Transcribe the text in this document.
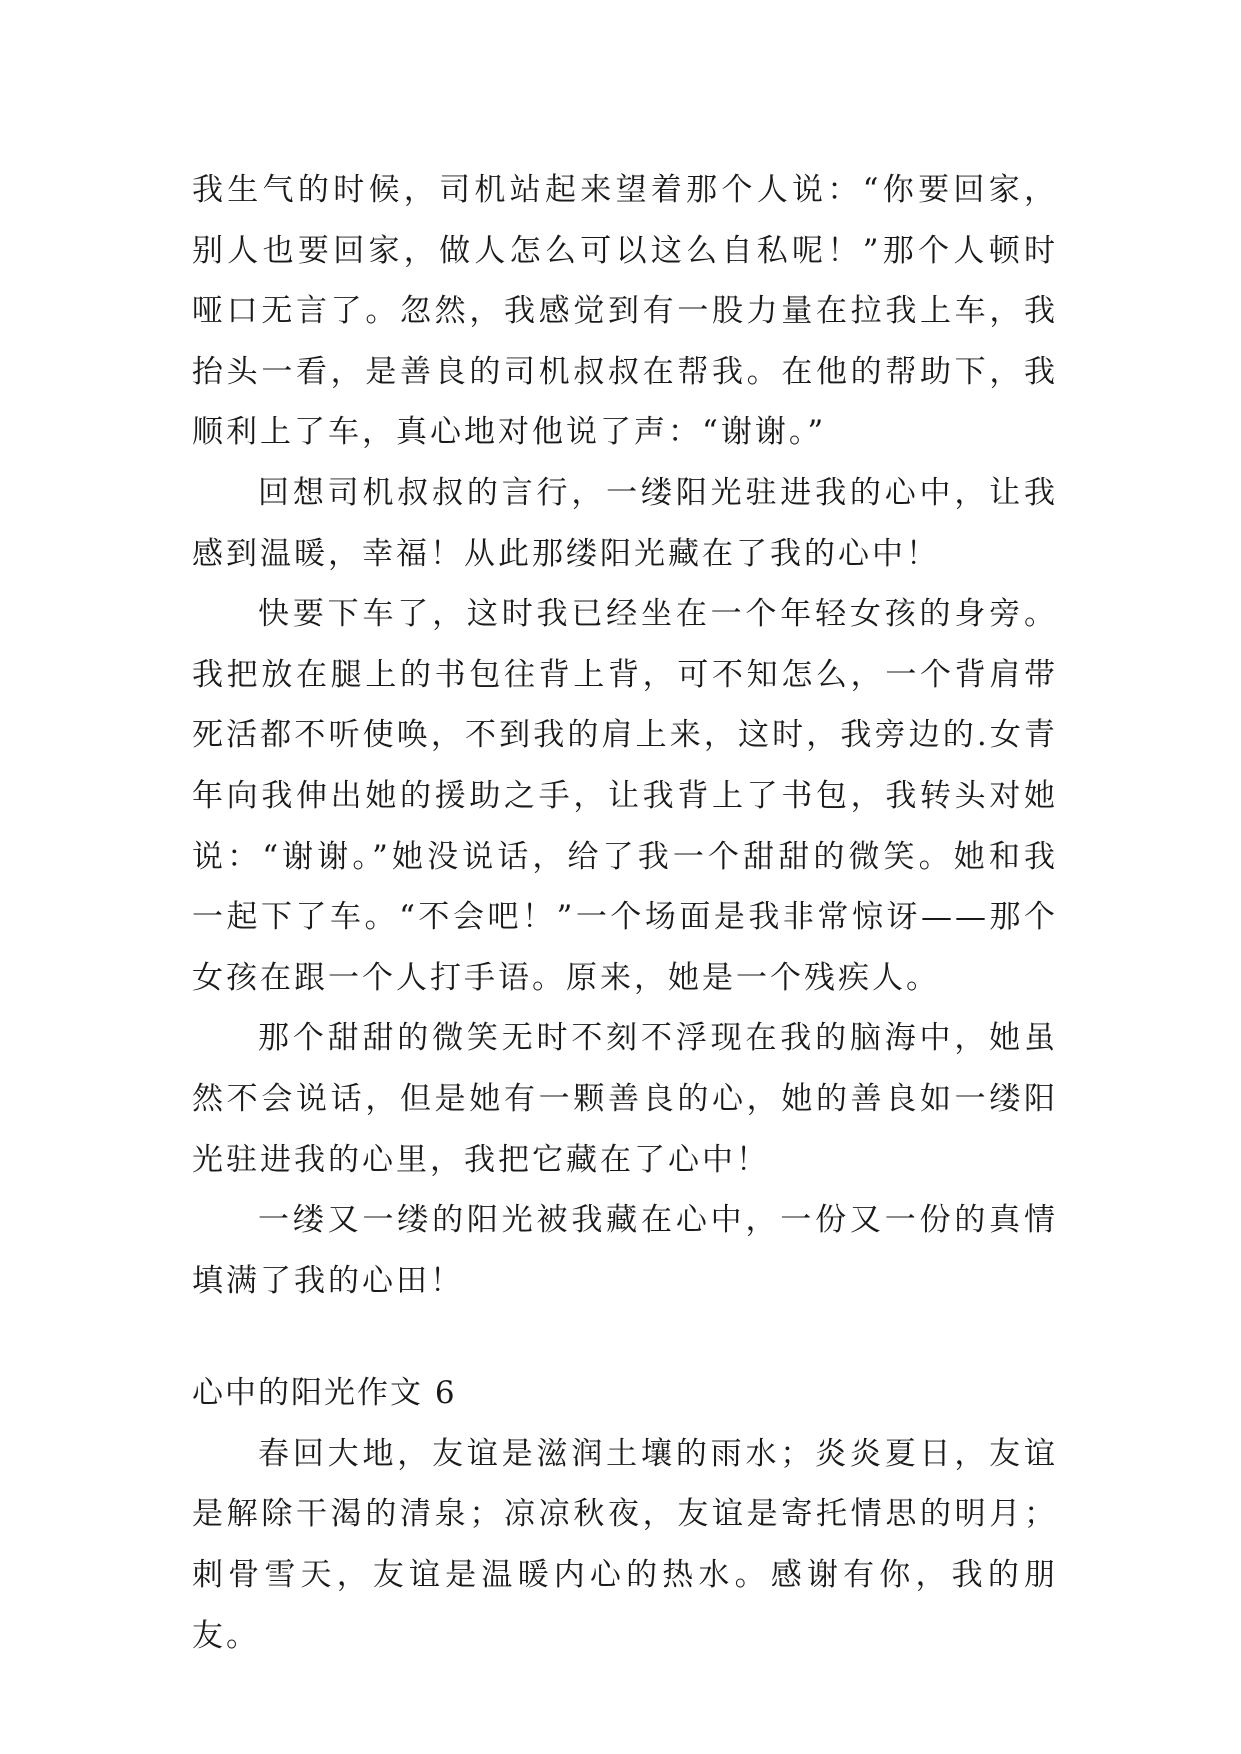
我生气的时候，司机站起来望着那个人说：“你要回家，别人也要回家，做人怎么可以这么自私呢！”那个人顿时哑口无言了。忽然，我感觉到有一股力量在拉我上车，我抬头一看，是善良的司机叔叔在帮我。在他的帮助下，我顺利上了车，真心地对他说了声：“谢谢。”

回想司机叔叔的言行，一缕阳光驻进我的心中，让我感到温暖，幸福！从此那缕阳光藏在了我的心中！

快要下车了，这时我已经坐在一个年轻女孩的身旁。我把放在腿上的书包往背上背，可不知怎么，一个背肩带死活都不听使唤，不到我的肩上来，这时，我旁边的.女青年向我伸出她的援助之手，让我背上了书包，我转头对她说：“谢谢。”她没说话，给了我一个甜甜的微笑。她和我一起下了车。“不会吧！”一个场面是我非常惊讶——那个女孩在跟一个人打手语。原来，她是一个残疾人。

那个甜甜的微笑无时不刻不浮现在我的脑海中，她虽然不会说话，但是她有一颗善良的心，她的善良如一缕阳光驻进我的心里，我把它藏在了心中！

一缕又一缕的阳光被我藏在心中，一份又一份的真情填满了我的心田！

心中的阳光作文 6

春回大地，友谊是滋润土壤的雨水；炎炎夏日，友谊是解除干渴的清泉；凉凉秋夜，友谊是寄托情思的明月；刺骨雪天，友谊是温暖内心的热水。感谢有你，我的朋友。
